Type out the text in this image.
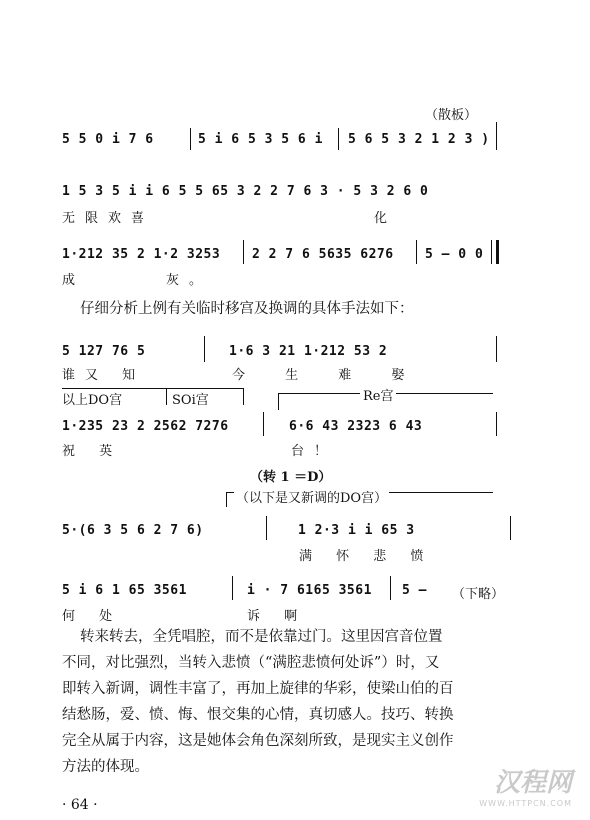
（散板）
5 5 0 i 7 6	5 i 6 5 3 5 6 i 5 6 5 3 2 1 2 3 )
1 5 3 5 i i 6 5 5 65 3 2 2 7 6 3 · 5 3 2 6 0
无限欢喜	化
1·212 35 2 1·2 3253 2 2 7 6 5635 6276 5 – 0 0
成	灰。
仔细分析上例有关临时移宫及换调的具体手法如下：
5 127 76 5	1·6 3 21 1·212 53 2
谁又 知	今 生 难 娶
以上DO宫	SOi宫	Re宫
1·235 23 2 2562 7276	6·6 43 2323 6 43
祝 英	台！
（转 1 ＝D）
（以下是又新调的DO宫）
5·(6 3 5 6 2 7 6)	1 2·3 i i 65 3
满 怀 悲 愤
5 i 6 1 65 3561	i · 7 6165 3561 5 – （下略）
何 处	诉 啊
转来转去，全凭唱腔，而不是依靠过门。这里因宫音位置
不同，对比强烈，当转入悲愤（“满腔悲愤何处诉”）时，又
即转入新调，调性丰富了，再加上旋律的华彩，使梁山伯的百
结愁肠，爱、愤、悔、恨交集的心情，真切感人。技巧、转换
完全从属于内容，这是她体会角色深刻所致，是现实主义创作
方法的体现。
· 64 ·
汉程网
WWW.HTTPCN.COM
